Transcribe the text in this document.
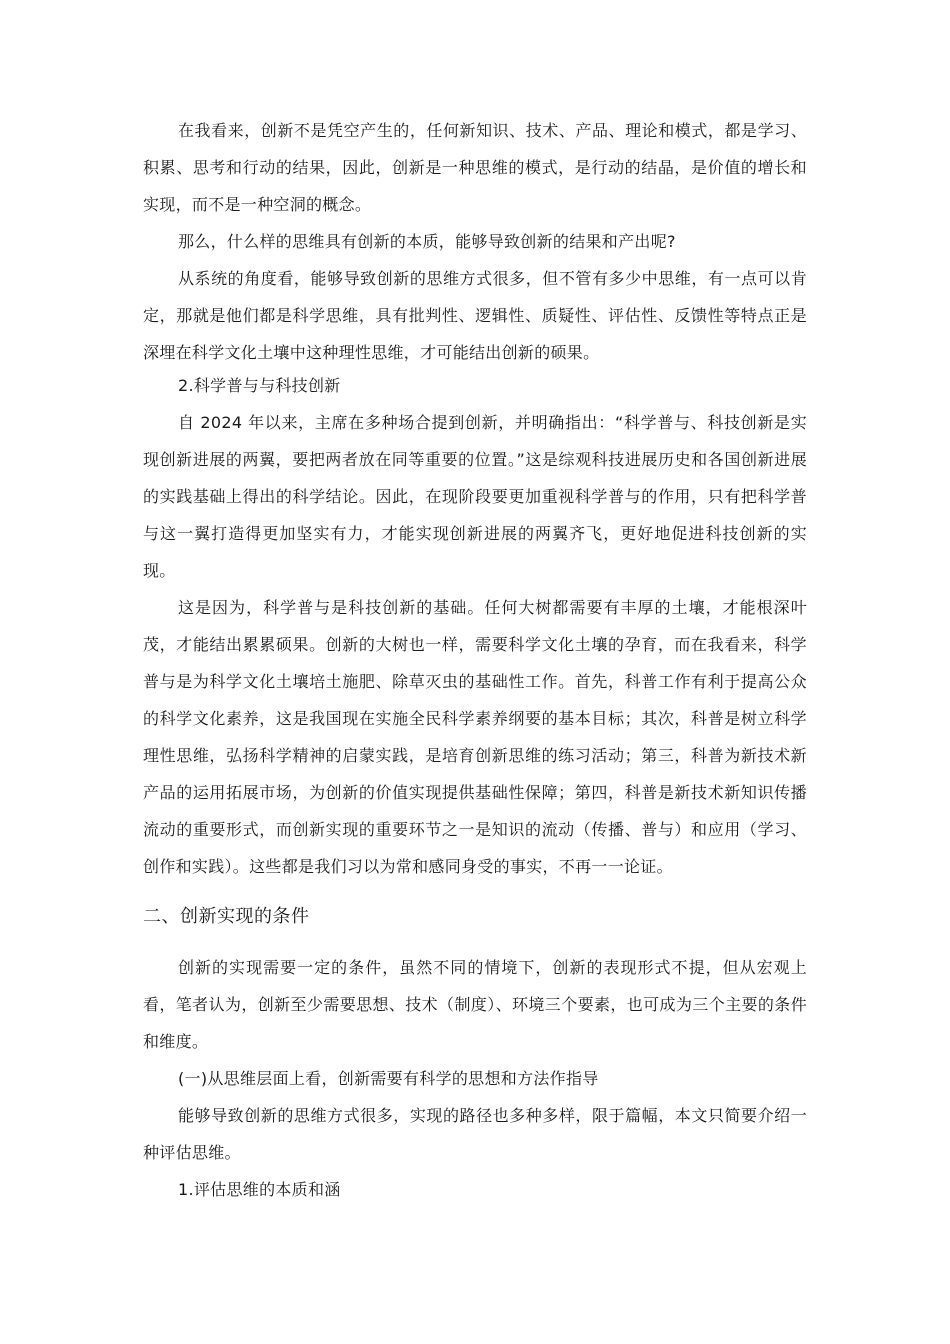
在我看来，创新不是凭空产生的，任何新知识、技术、产品、理论和模式，都是学习、积累、思考和行动的结果，因此，创新是一种思维的模式，是行动的结晶，是价值的增长和实现，而不是一种空洞的概念。

那么，什么样的思维具有创新的本质，能够导致创新的结果和产出呢?

从系统的角度看，能够导致创新的思维方式很多，但不管有多少中思维，有一点可以肯定，那就是他们都是科学思维，具有批判性、逻辑性、质疑性、评估性、反馈性等特点正是深埋在科学文化土壤中这种理性思维，才可能结出创新的硕果。

2.科学普与与科技创新

自 2024 年以来，主席在多种场合提到创新，并明确指出：“科学普与、科技创新是实现创新进展的两翼，要把两者放在同等重要的位置。”这是综观科技进展历史和各国创新进展的实践基础上得出的科学结论。因此，在现阶段要更加重视科学普与的作用，只有把科学普与这一翼打造得更加坚实有力，才能实现创新进展的两翼齐飞，更好地促进科技创新的实现。

这是因为，科学普与是科技创新的基础。任何大树都需要有丰厚的土壤，才能根深叶茂，才能结出累累硕果。创新的大树也一样，需要科学文化土壤的孕育，而在我看来，科学普与是为科学文化土壤培土施肥、除草灭虫的基础性工作。首先，科普工作有利于提高公众的科学文化素养，这是我国现在实施全民科学素养纲要的基本目标；其次，科普是树立科学理性思维，弘扬科学精神的启蒙实践，是培育创新思维的练习活动；第三，科普为新技术新产品的运用拓展市场，为创新的价值实现提供基础性保障；第四，科普是新技术新知识传播流动的重要形式，而创新实现的重要环节之一是知识的流动（传播、普与）和应用（学习、创作和实践）。这些都是我们习以为常和感同身受的事实，不再一一论证。

二、创新实现的条件

创新的实现需要一定的条件，虽然不同的情境下，创新的表现形式不提，但从宏观上看，笔者认为，创新至少需要思想、技术（制度）、环境三个要素，也可成为三个主要的条件和维度。

(一)从思维层面上看，创新需要有科学的思想和方法作指导

能够导致创新的思维方式很多，实现的路径也多种多样，限于篇幅，本文只简要介绍一种评估思维。

1.评估思维的本质和涵
